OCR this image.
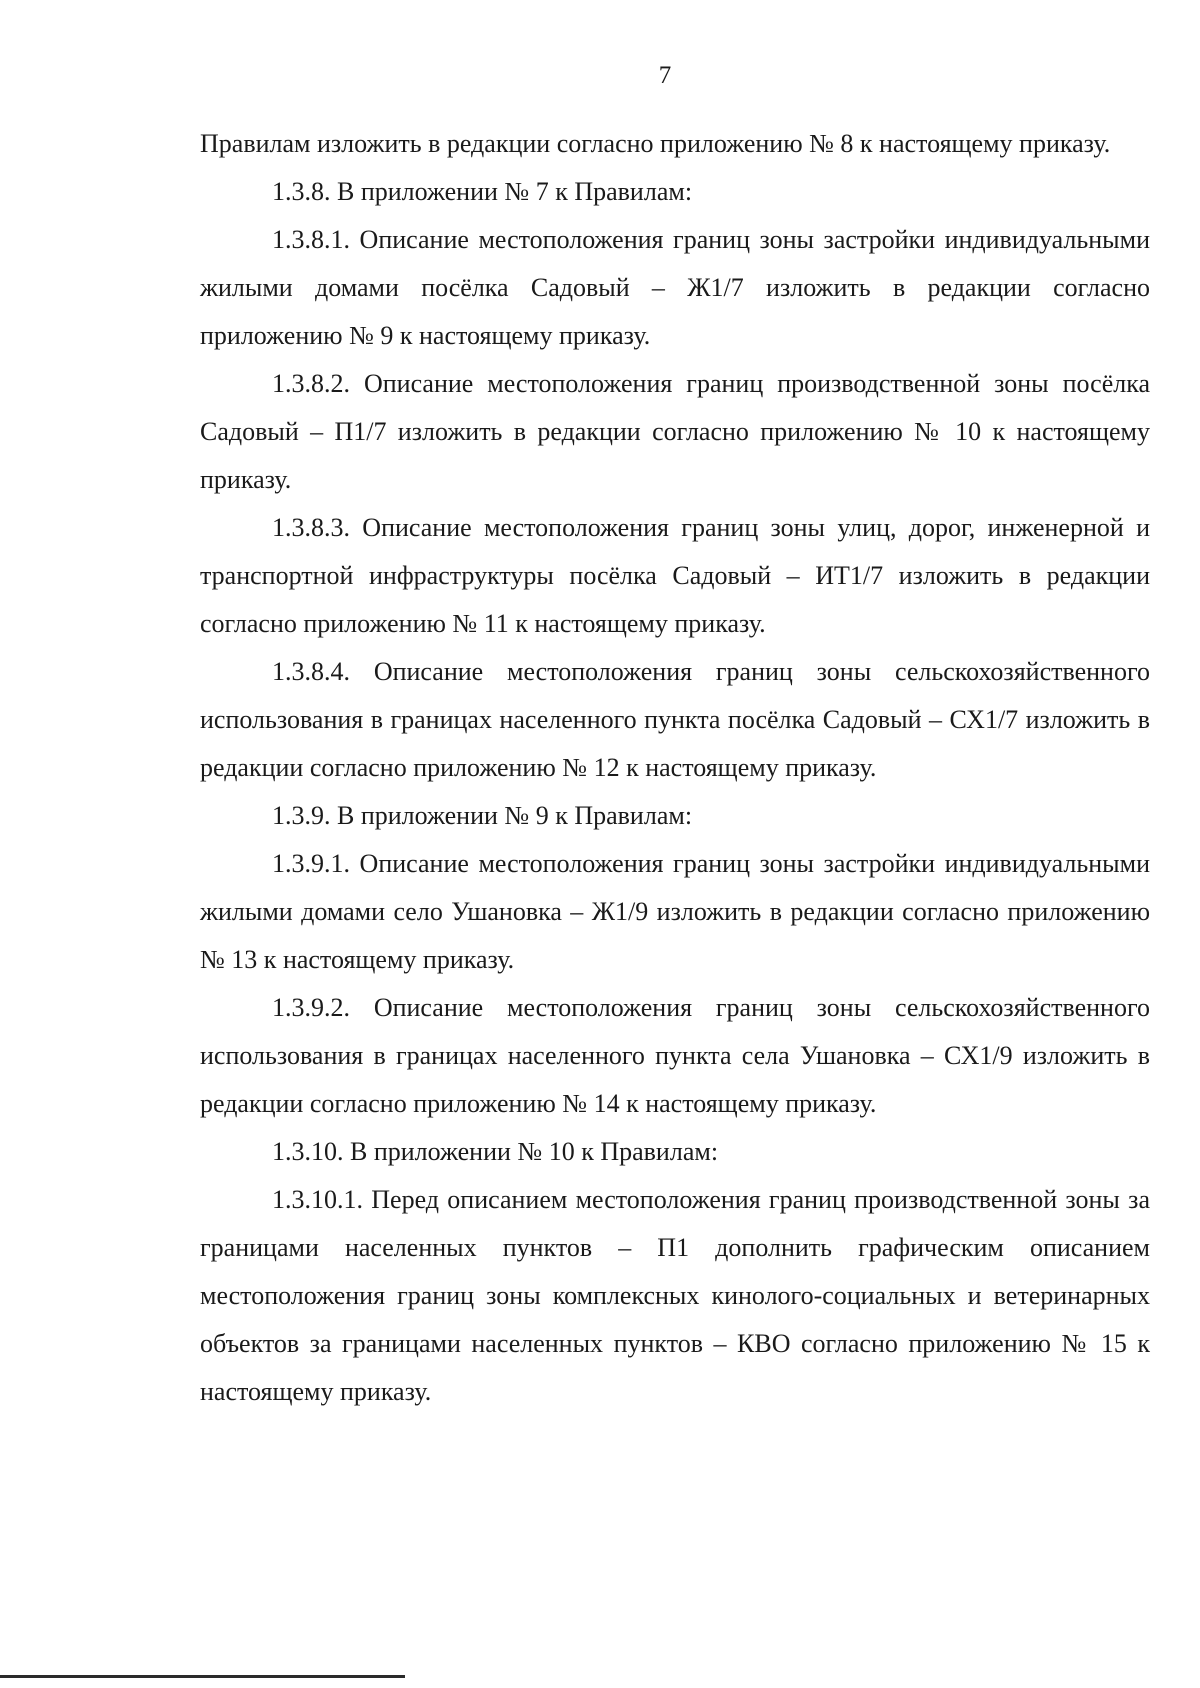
7

Правилам изложить в редакции согласно приложению № 8 к настоящему приказу.

1.3.8. В приложении № 7 к Правилам:

1.3.8.1. Описание местоположения границ зоны застройки индивидуальными жилыми домами посёлка Садовый – Ж1/7 изложить в редакции согласно приложению № 9 к настоящему приказу.

1.3.8.2. Описание местоположения границ производственной зоны посёлка Садовый – П1/7 изложить в редакции согласно приложению № 10 к настоящему приказу.

1.3.8.3. Описание местоположения границ зоны улиц, дорог, инженерной и транспортной инфраструктуры посёлка Садовый – ИТ1/7 изложить в редакции согласно приложению № 11 к настоящему приказу.

1.3.8.4. Описание местоположения границ зоны сельскохозяйственного использования в границах населенного пункта посёлка Садовый – СХ1/7 изложить в редакции согласно приложению № 12 к настоящему приказу.

1.3.9. В приложении № 9 к Правилам:

1.3.9.1. Описание местоположения границ зоны застройки индивидуальными жилыми домами село Ушановка – Ж1/9 изложить в редакции согласно приложению № 13 к настоящему приказу.

1.3.9.2. Описание местоположения границ зоны сельскохозяйственного использования в границах населенного пункта села Ушановка – СХ1/9 изложить в редакции согласно приложению № 14 к настоящему приказу.

1.3.10. В приложении № 10 к Правилам:

1.3.10.1. Перед описанием местоположения границ производственной зоны за границами населенных пунктов – П1 дополнить графическим описанием местоположения границ зоны комплексных кинолого-социальных и ветеринарных объектов за границами населенных пунктов – КВО согласно приложению № 15 к настоящему приказу.
